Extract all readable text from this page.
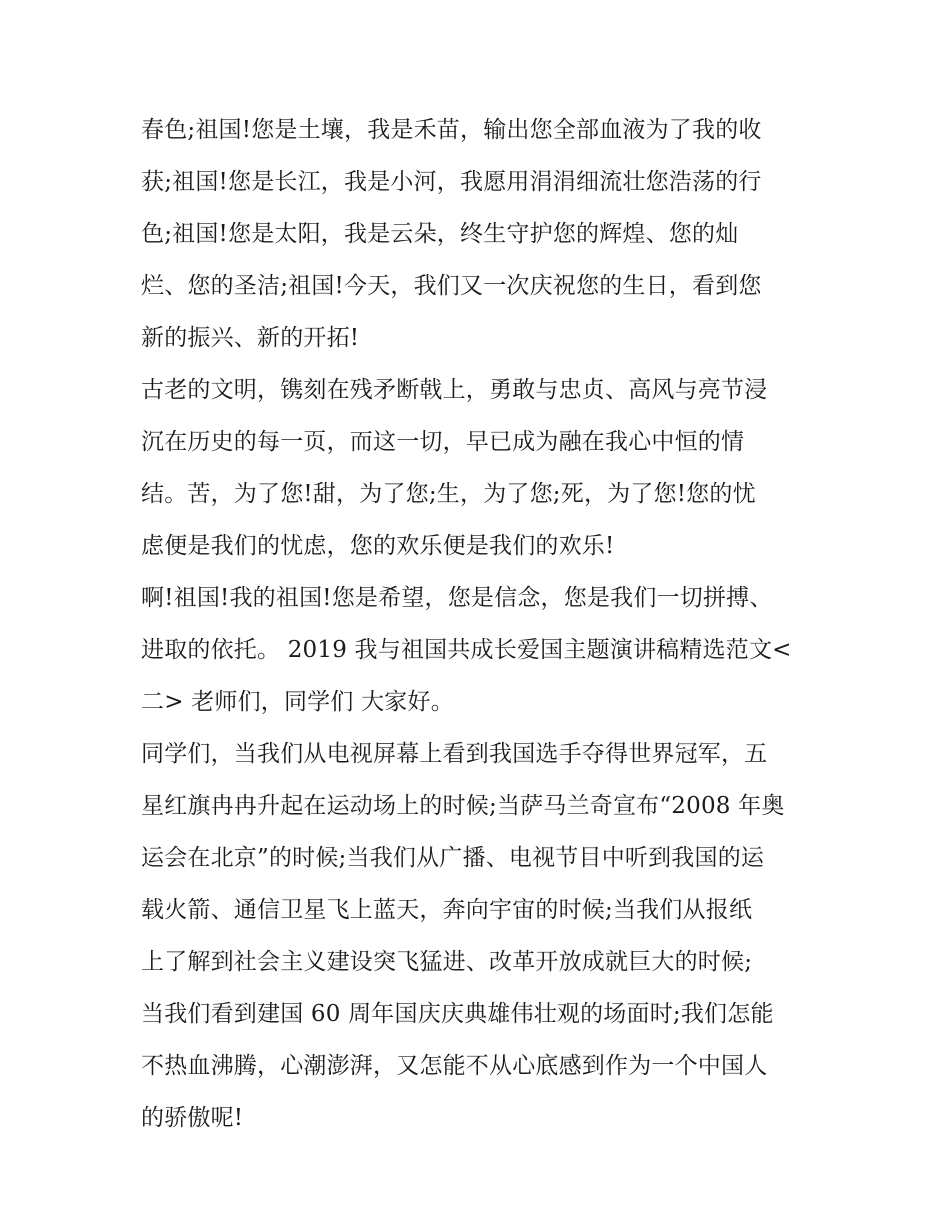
春色;祖国!您是土壤，我是禾苗，输出您全部血液为了我的收
获;祖国!您是长江，我是小河，我愿用涓涓细流壮您浩荡的行
色;祖国!您是太阳，我是云朵，终生守护您的辉煌、您的灿
烂、您的圣洁;祖国!今天，我们又一次庆祝您的生日，看到您
新的振兴、新的开拓!
古老的文明，镌刻在残矛断戟上，勇敢与忠贞、高风与亮节浸
沉在历史的每一页，而这一切，早已成为融在我心中恒的情
结。苦，为了您!甜，为了您;生，为了您;死，为了您!您的忧
虑便是我们的忧虑，您的欢乐便是我们的欢乐!
啊!祖国!我的祖国!您是希望，您是信念，您是我们一切拼搏、
进取的依托。 2019 我与祖国共成长爱国主题演讲稿精选范文<
二> 老师们，同学们 大家好。
同学们，当我们从电视屏幕上看到我国选手夺得世界冠军，五
星红旗冉冉升起在运动场上的时候;当萨马兰奇宣布“2008 年奥
运会在北京”的时候;当我们从广播、电视节目中听到我国的运
载火箭、通信卫星飞上蓝天，奔向宇宙的时候;当我们从报纸
上了解到社会主义建设突飞猛进、改革开放成就巨大的时候;
当我们看到建国 60 周年国庆庆典雄伟壮观的场面时;我们怎能
不热血沸腾，心潮澎湃，又怎能不从心底感到作为一个中国人
的骄傲呢!
